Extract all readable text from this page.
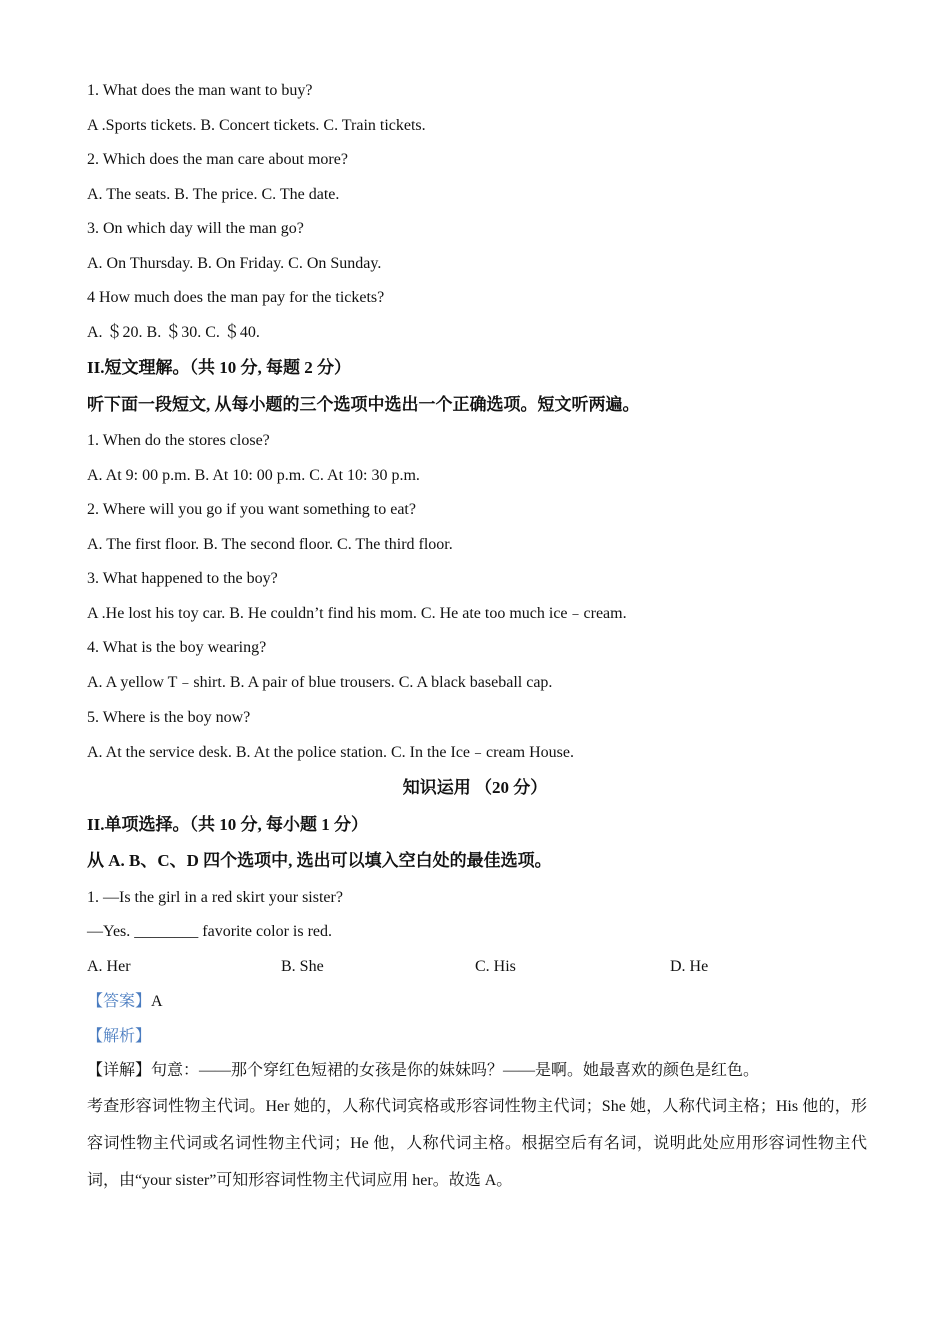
1. What does the man want to buy?
A .Sports tickets. B. Concert tickets. C. Train tickets.
2. Which does the man care about more?
A. The seats. B. The price. C. The date.
3. On which day will the man go?
A. On Thursday. B. On Friday. C. On Sunday.
4 How much does the man pay for the tickets?
A. ＄20. B. ＄30. C. ＄40.
II.短文理解。（共 10 分, 每题 2 分）
听下面一段短文, 从每小题的三个选项中选出一个正确选项。短文听两遍。
1. When do the stores close?
A. At 9: 00 p.m. B. At 10: 00 p.m. C. At 10: 30 p.m.
2. Where will you go if you want something to eat?
A. The first floor. B. The second floor. C. The third floor.
3. What happened to the boy?
A .He lost his toy car. B. He couldn’t find his mom. C. He ate too much ice﹣cream.
4. What is the boy wearing?
A. A yellow T﹣shirt. B. A pair of blue trousers. C. A black baseball cap.
5. Where is the boy now?
A. At the service desk. B. At the police station. C. In the Ice﹣cream House.
知识运用 （20 分）
II.单项选择。（共 10 分, 每小题 1 分）
从 A. B、C、D 四个选项中, 选出可以填入空白处的最佳选项。
1. —Is the girl in a red skirt your sister?
—Yes. ________ favorite color is red.
A. Her	B. She	C. His	D. He
【答案】A
【解析】
【详解】句意：——那个穿红色短裙的女孩是你的妹妹吗？——是啊。她最喜欢的颜色是红色。
考查形容词性物主代词。Her 她的，人称代词宾格或形容词性物主代词；She 她，人称代词主格；His 他的，形容词性物主代词或名词性物主代词；He 他，人称代词主格。根据空后有名词，说明此处应用形容词性物主代词，由“your sister”可知形容词性物主代词应用 her。故选 A。
